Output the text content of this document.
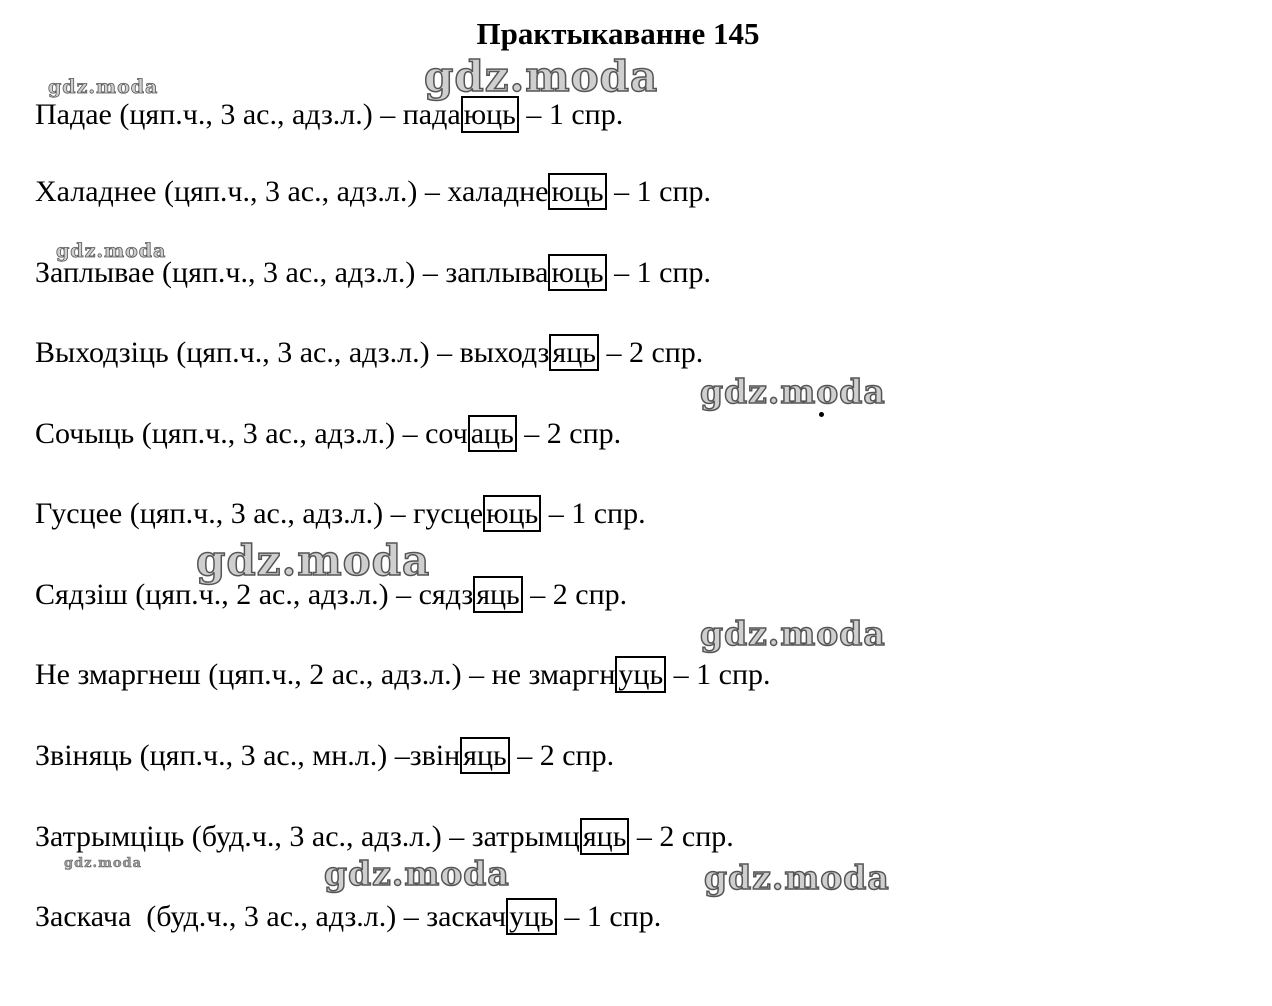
Практыкаванне 145
Падае (цяп.ч., 3 ас., адз.л.) – пада юць – 1 спр.
Халаднее (цяп.ч., 3 ас., адз.л.) – халадне юць – 1 спр.
Заплывае (цяп.ч., 3 ас., адз.л.) – заплыва юць – 1 спр.
Выходзіць (цяп.ч., 3 ас., адз.л.) – выходз яць – 2 спр.
Сочыць (цяп.ч., 3 ас., адз.л.) – соч аць – 2 спр.
Гусцее (цяп.ч., 3 ас., адз.л.) – гусце юць – 1 спр.
Сядзіш (цяп.ч., 2 ас., адз.л.) – сядз яць – 2 спр.
Не змаргнеш (цяп.ч., 2 ас., адз.л.) – не змаргн уць – 1 спр.
Звіняць (цяп.ч., 3 ас., мн.л.) –звін яць – 2 спр.
Затрымціць (буд.ч., 3 ас., адз.л.) – затрымц яць – 2 спр.
Заскача  (буд.ч., 3 ас., адз.л.) – заскач уць – 1 спр.
gdz.moda
gdz.moda
gdz.moda
gdz.moda
gdz.moda
gdz.moda
gdz.moda	gdz.moda	gdz.moda
